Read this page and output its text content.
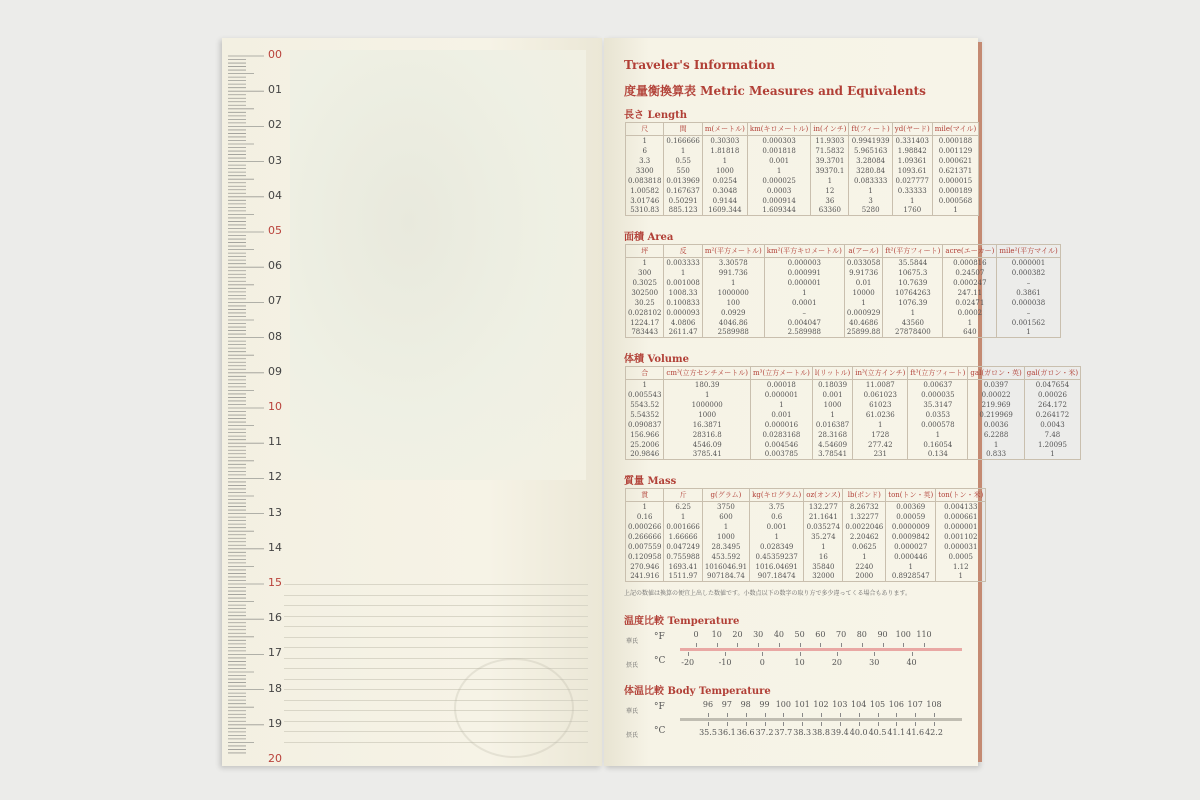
00
01
02
03
04
05
06
07
08
09
10
11
12
13
14
15
16
17
18
19
20
Traveler's Information
度量衡換算表 Metric Measures and Equivalents
長さ Length
尺	間	m(メートル)	km(キロメートル)	in(インチ)	ft(フィート)	yd(ヤード)	mile(マイル)
1	0.166666	0.30303	0.000303	11.9303	0.9941939	0.331403	0.000188
6	1	1.81818	0.001818	71.5832	5.965163	1.98842	0.001129
3.3	0.55	1	0.001	39.3701	3.28084	1.09361	0.000621
3300	550	1000	1	39370.1	3280.84	1093.61	0.621371
0.083818	0.013969	0.0254	0.000025	1	0.083333	0.027777	0.000015
1.00582	0.167637	0.3048	0.0003	12	1	0.33333	0.000189
3.01746	0.50291	0.9144	0.000914	36	3	1	0.000568
5310.83	885.123	1609.344	1.609344	63360	5280	1760	1
面積 Area
坪	反	m²(平方メートル)	km²(平方キロメートル)	a(アール)	ft²(平方フィート)	acre(エーカー)	mile²(平方マイル)
1	0.003333	3.30578	0.000003	0.033058	35.5844	0.000816	0.000001
300	1	991.736	0.000991	9.91736	10675.3	0.24507	0.000382
0.3025	0.001008	1	0.000001	0.01	10.7639	0.000247	–
302500	1008.33	1000000	1	10000	10764263	247.11	0.3861
30.25	0.100833	100	0.0001	1	1076.39	0.02471	0.000038
0.028102	0.000093	0.0929	–	0.000929	1	0.0002	–
1224.17	4.0806	4046.86	0.004047	40.4686	43560	1	0.001562
783443	2611.47	2589988	2.589988	25899.88	27878400	640	1
体積 Volume
合	cm³(立方センチメートル)	m³(立方メートル)	l(リットル)	in³(立方インチ)	ft³(立方フィート)	gal(ガロン・英)	gal(ガロン・米)
1	180.39	0.00018	0.18039	11.0087	0.00637	0.0397	0.047654
0.005543	1	0.000001	0.001	0.061023	0.000035	0.00022	0.00026
5543.52	1000000	1	1000	61023	35.3147	219.969	264.172
5.54352	1000	0.001	1	61.0236	0.0353	0.219969	0.264172
0.090837	16.3871	0.000016	0.016387	1	0.000578	0.0036	0.0043
156.966	28316.8	0.0283168	28.3168	1728	1	6.2288	7.48
25.2006	4546.09	0.004546	4.54609	277.42	0.16054	1	1.20095
20.9846	3785.41	0.003785	3.78541	231	0.134	0.833	1
質量 Mass
貫	斤	g(グラム)	kg(キログラム)	oz(オンス)	lb(ポンド)	ton(トン・英)	ton(トン・米)
1	6.25	3750	3.75	132.277	8.26732	0.00369	0.004133
0.16	1	600	0.6	21.1641	1.32277	0.00059	0.000661
0.000266	0.001666	1	0.001	0.035274	0.0022046	0.0000009	0.000001
0.266666	1.66666	1000	1	35.274	2.20462	0.0009842	0.001102
0.007559	0.047249	28.3495	0.028349	1	0.0625	0.000027	0.000031
0.120958	0.755988	453.592	0.45359237	16	1	0.000446	0.0005
270.946	1693.41	1016046.91	1016.04691	35840	2240	1	1.12
241.916	1511.97	907184.74	907.18474	32000	2000	0.8928547	1
上記の数値は換算の便宜上出した数値です。小数点以下の数字の取り方で多少違ってくる場合もあります。
温度比較 Temperature
華氏 °F
摂氏 °C
0 10 20 30 40 50 60 70 80 90 100 110
-20	-10	0	10	20	30	40
体温比較 Body Temperature
華氏 °F
摂氏 °C
96 97 98 99 100 101 102 103 104 105 106 107 108
35.5 36.1 36.6 37.2 37.7 38.3 38.8 39.4 40.0 40.5 41.1 41.6 42.2
